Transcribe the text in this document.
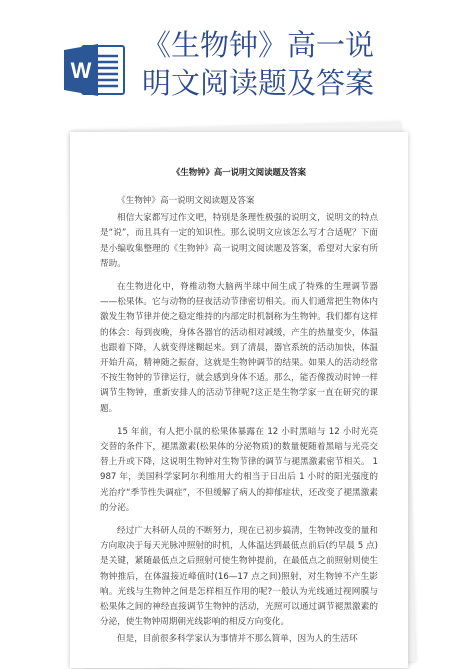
W
《生物钟》高一说
明文阅读题及答案
《生物钟》高一说明文阅读题及答案

《生物钟》高一说明文阅读题及答案

相信大家都写过作文吧，特别是条理性极强的说明文，说明文的特点是“说”，而且具有一定的知识性。那么说明文应该怎么写才合适呢？下面是小编收集整理的《生物钟》高一说明文阅读题及答案，希望对大家有所帮助。

在生物进化中，脊椎动物大脑两半球中间生成了特殊的生理调节器——松果体。它与动物的昼夜活动节律密切相关。而人们通常把生物体内激发生物节律并使之稳定维持的内部定时机制称为生物钟。我们都有这样的体会：每到夜晚，身体各器官的活动相对减缓，产生的热量变少，体温也跟着下降，人就变得迷糊起来。到了清晨，器官系统的活动加快，体温开始升高，精神随之振奋，这就是生物钟调节的结果。如果人的活动经常不按生物钟的节律运行，就会感到身体不适。那么，能否像拨动时钟一样调节生物钟，重新安排人的活动节律呢?这正是生物学家一直在研究的课题。

15 年前，有人把小鼠的松果体暴露在 12 小时黑暗与 12 小时光亮交替的条件下，褪黑激素(松果体的分泌物质)的数量便随着黑暗与光亮交替上升或下降，这说明生物钟对生物节律的调节与褪黑激素密节相关。 1987 年，美国科学家阿尔利维用大约相当于日出后 1 小时的阳光强度的光治疗“季节性失调症”，不但缓解了病人的抑郁症状，还改变了褪黑激素的分泌。

经过广大科研人员的不断努力，现在已初步搞清，生物钟改变的量和方向取决于每天光脉冲照射的时机，人体温达到最低点前后(约早晨 5 点)是关键，紧随最低点之后照射可使生物钟提前，在最低点之前照射则使生物钟推后，在体温接近峰值时(16—17 点之间)照射，对生物钟不产生影响。光线与生物钟之间是怎样相互作用的呢?一般认为光线通过视网膜与松果体之间的神经直接调节生物钟的活动，光照可以通过调节褪黑激素的分泌，使生物钟周期朝光线影响的相反方向变化。

但是，目前很多科学家认为事情并不那么简单，因为人的生活环
